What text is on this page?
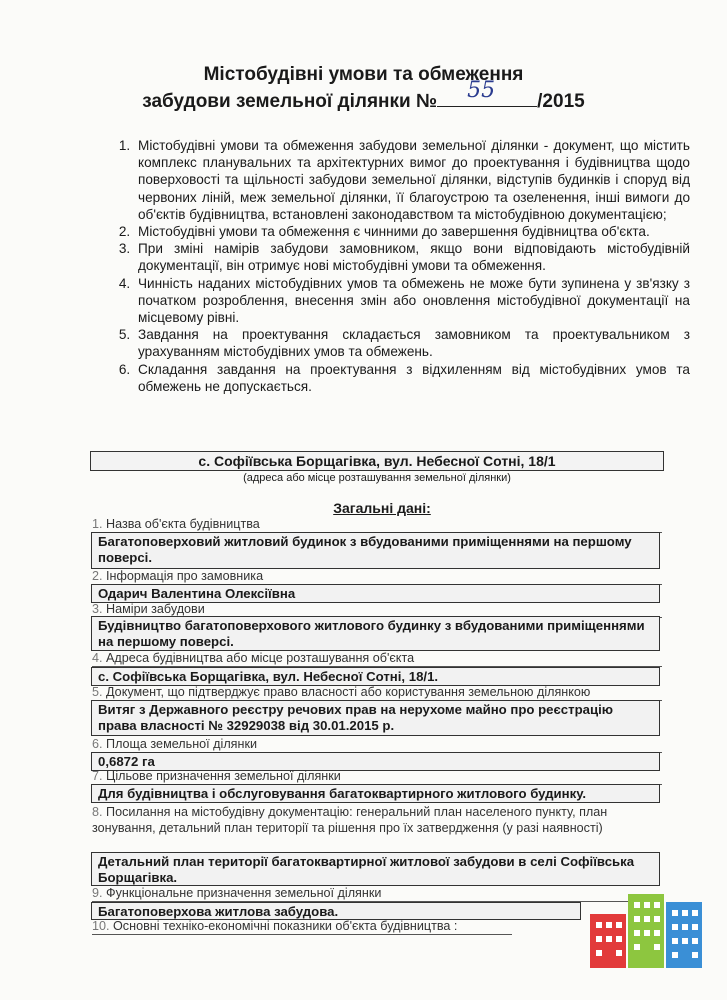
Містобудівні умови та обмеження
забудови земельної ділянки № 55 /2015
1. Містобудівні умови та обмеження забудови земельної ділянки - документ, що містить комплекс планувальних та архітектурних вимог до проектування і будівництва щодо поверховості та щільності забудови земельної ділянки, відступів будинків і споруд від червоних ліній, меж земельної ділянки, її благоустрою та озеленення, інші вимоги до об'єктів будівництва, встановлені законодавством та містобудівною документацією;
2. Містобудівні умови та обмеження є чинними до завершення будівництва об'єкта.
3. При зміні намірів забудови замовником, якщо вони відповідають містобудівній документації, він отримує нові містобудівні умови та обмеження.
4. Чинність наданих містобудівних умов та обмежень не може бути зупинена у зв'язку з початком розроблення, внесення змін або оновлення містобудівної документації на місцевому рівні.
5. Завдання на проектування складається замовником та проектувальником з урахуванням містобудівних умов та обмежень.
6. Складання завдання на проектування з відхиленням від містобудівних умов та обмежень не допускається.
с. Софіївська Борщагівка, вул. Небесної Сотні, 18/1
(адреса або місце розташування земельної ділянки)
Загальні дані:
1. Назва об'єкта будівництва
Багатоповерховий житловий будинок з вбудованими приміщеннями на першому поверсі.
2. Інформація про замовника
Одарич Валентина Олексіївна
3. Наміри забудови
Будівництво багатоповерхового житлового будинку з вбудованими приміщеннями на першому поверсі.
4. Адреса будівництва або місце розташування об'єкта
с. Софіївська Борщагівка, вул. Небесної Сотні, 18/1.
5. Документ, що підтверджує право власності або користування земельною ділянкою
Витяг з Державного реєстру речових прав на нерухоме майно про реєстрацію права власності № 32929038 від 30.01.2015 р.
6. Площа земельної ділянки
0,6872 га
7. Цільове призначення земельної ділянки
Для будівництва і обслуговування багатоквартирного житлового будинку.
8. Посилання на містобудівну документацію: генеральний план населеного пункту, план зонування, детальний план території та рішення про їх затвердження (у разі наявності)
Детальний план території багатоквартирної житлової забудови в селі Софіївська Борщагівка.
9. Функціональне призначення земельної ділянки
Багатоповерхова житлова забудова.
10. Основні техніко-економічні показники об'єкта будівництва :
